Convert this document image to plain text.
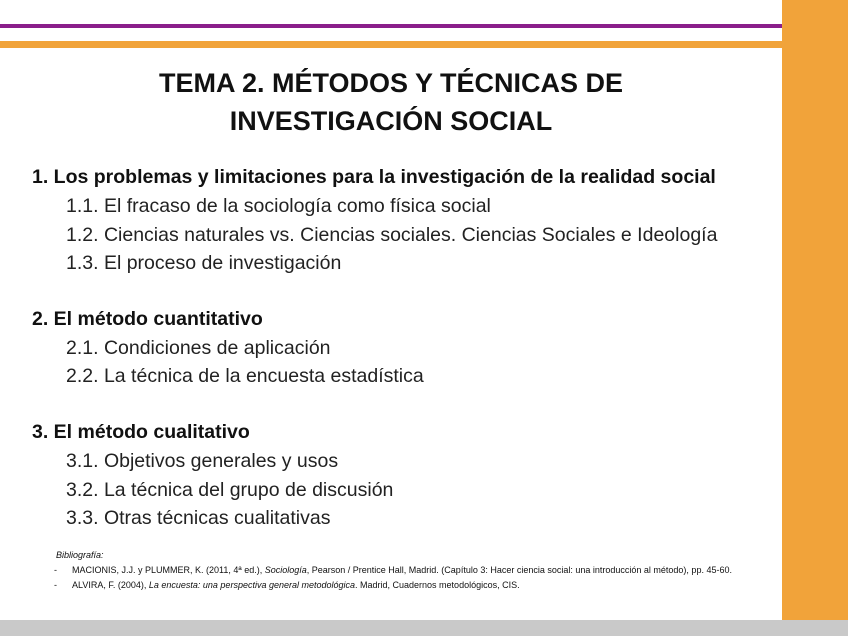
TEMA 2. MÉTODOS Y TÉCNICAS DE
INVESTIGACIÓN SOCIAL
1. Los problemas y limitaciones para la investigación de la realidad social
1.1. El fracaso de la sociología como física social
1.2. Ciencias naturales vs. Ciencias sociales. Ciencias Sociales e Ideología
1.3. El proceso de investigación
2. El método cuantitativo
2.1. Condiciones de aplicación
2.2. La técnica de la encuesta estadística
3. El método cualitativo
3.1. Objetivos generales y usos
3.2. La técnica del grupo de discusión
3.3. Otras técnicas cualitativas
Bibliografía:
- MACIONIS, J.J. y PLUMMER, K. (2011, 4ª ed.), Sociología, Pearson / Prentice Hall, Madrid. (Capítulo 3: Hacer ciencia social: una introducción al método), pp. 45-60.
- ALVIRA, F. (2004), La encuesta: una perspectiva general metodológica. Madrid, Cuadernos metodológicos, CIS.
